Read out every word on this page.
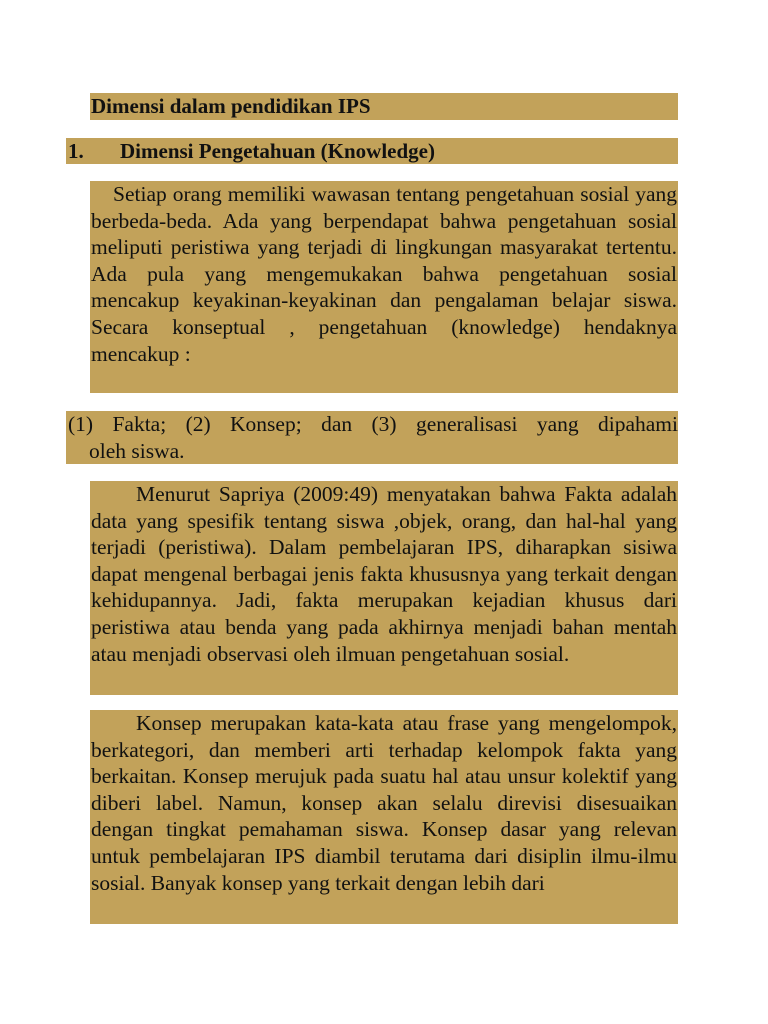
Dimensi dalam pendidikan IPS
1. Dimensi Pengetahuan (Knowledge)
Setiap orang memiliki wawasan tentang pengetahuan sosial yang berbeda-beda. Ada yang berpendapat bahwa pengetahuan sosial meliputi peristiwa yang terjadi di lingkungan masyarakat tertentu. Ada pula yang mengemukakan bahwa pengetahuan sosial mencakup keyakinan-keyakinan dan pengalaman belajar siswa. Secara konseptual , pengetahuan (knowledge) hendaknya mencakup :
(1) Fakta; (2) Konsep; dan (3) generalisasi yang dipahami
oleh siswa.
Menurut Sapriya (2009:49) menyatakan bahwa Fakta adalah data yang spesifik tentang siswa ,objek, orang, dan hal-hal yang terjadi (peristiwa). Dalam pembelajaran IPS, diharapkan sisiwa dapat mengenal berbagai jenis fakta khususnya yang terkait dengan kehidupannya. Jadi, fakta merupakan kejadian khusus dari peristiwa atau benda yang pada akhirnya menjadi bahan mentah atau menjadi observasi oleh ilmuan pengetahuan sosial.
Konsep merupakan kata-kata atau frase yang mengelompok, berkategori, dan memberi arti terhadap kelompok fakta yang berkaitan. Konsep merujuk pada suatu hal atau unsur kolektif yang diberi label. Namun, konsep akan selalu direvisi disesuaikan dengan tingkat pemahaman siswa. Konsep dasar yang relevan untuk pembelajaran IPS diambil terutama dari disiplin ilmu-ilmu sosial. Banyak konsep yang terkait dengan lebih dari
